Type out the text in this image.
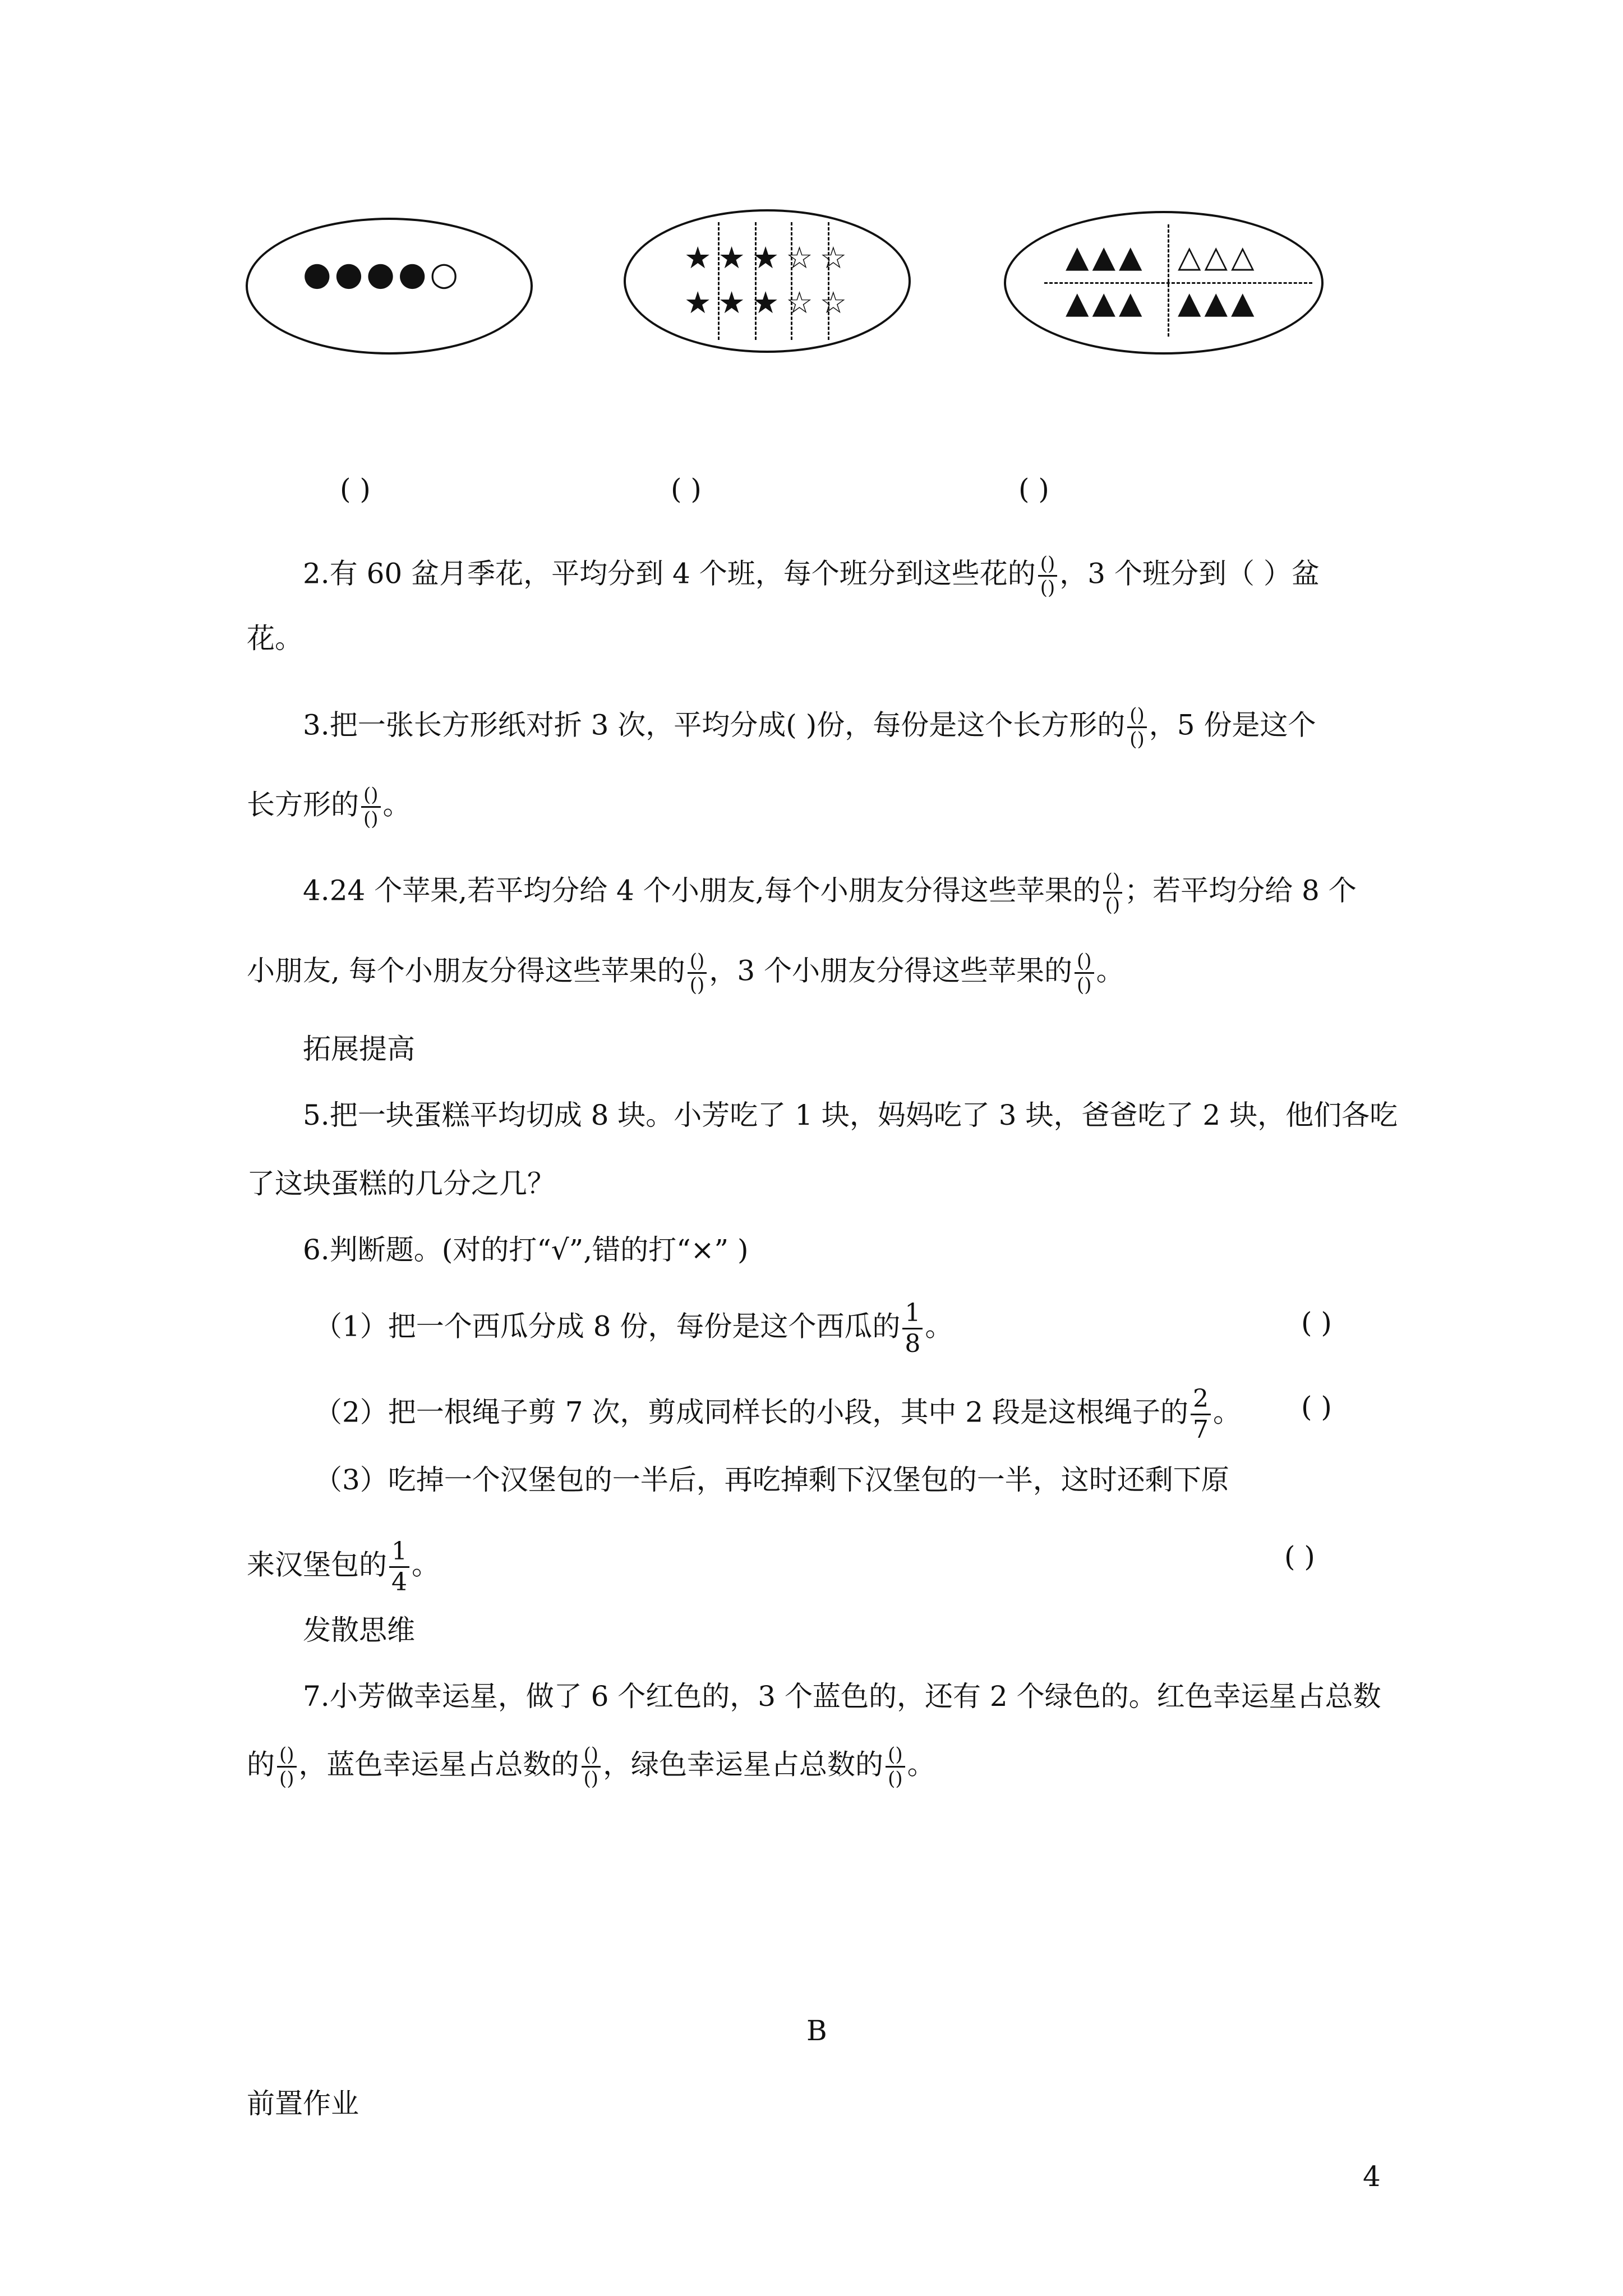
●●●●○	★★★☆☆
★★★☆☆
▲▲▲ △△△
▲▲▲ ▲▲▲
( )	( )	( )
2.有 60 盆月季花，平均分到 4 个班，每个班分到这些花的 $\frac{()}{()}$ ，3 个班分到（ ）盆
花。
3.把一张长方形纸对折 3 次，平均分成( )份，每份是这个长方形的 $\frac{()}{()}$ ，5 份是这个
长方形的 $\frac{()}{()}$ 。
4.24 个苹果,若平均分给 4 个小朋友,每个小朋友分得这些苹果的 $\frac{()}{()}$ ；若平均分给 8 个
小朋友, 每个小朋友分得这些苹果的 $\frac{()}{()}$ ，3 个小朋友分得这些苹果的 $\frac{()}{()}$ 。
拓展提高
5.把一块蛋糕平均切成 8 块。小芳吃了 1 块，妈妈吃了 3 块，爸爸吃了 2 块，他们各吃
了这块蛋糕的几分之几？
6.判断题。(对的打“√”,错的打“×” )
（1）把一个西瓜分成 8 份，每份是这个西瓜的 $\frac{1}{8}$ 。	( )
（2）把一根绳子剪 7 次，剪成同样长的小段，其中 2 段是这根绳子的 $\frac{2}{7}$ 。 ( )
（3）吃掉一个汉堡包的一半后，再吃掉剩下汉堡包的一半，这时还剩下原
来汉堡包的 $\frac{1}{4}$ 。	( )
发散思维
7.小芳做幸运星，做了 6 个红色的，3 个蓝色的，还有 2 个绿色的。红色幸运星占总数
的 $\frac{()}{()}$ ，蓝色幸运星占总数的 $\frac{()}{()}$ ，绿色幸运星占总数的 $\frac{()}{()}$ 。
B
前置作业
4
